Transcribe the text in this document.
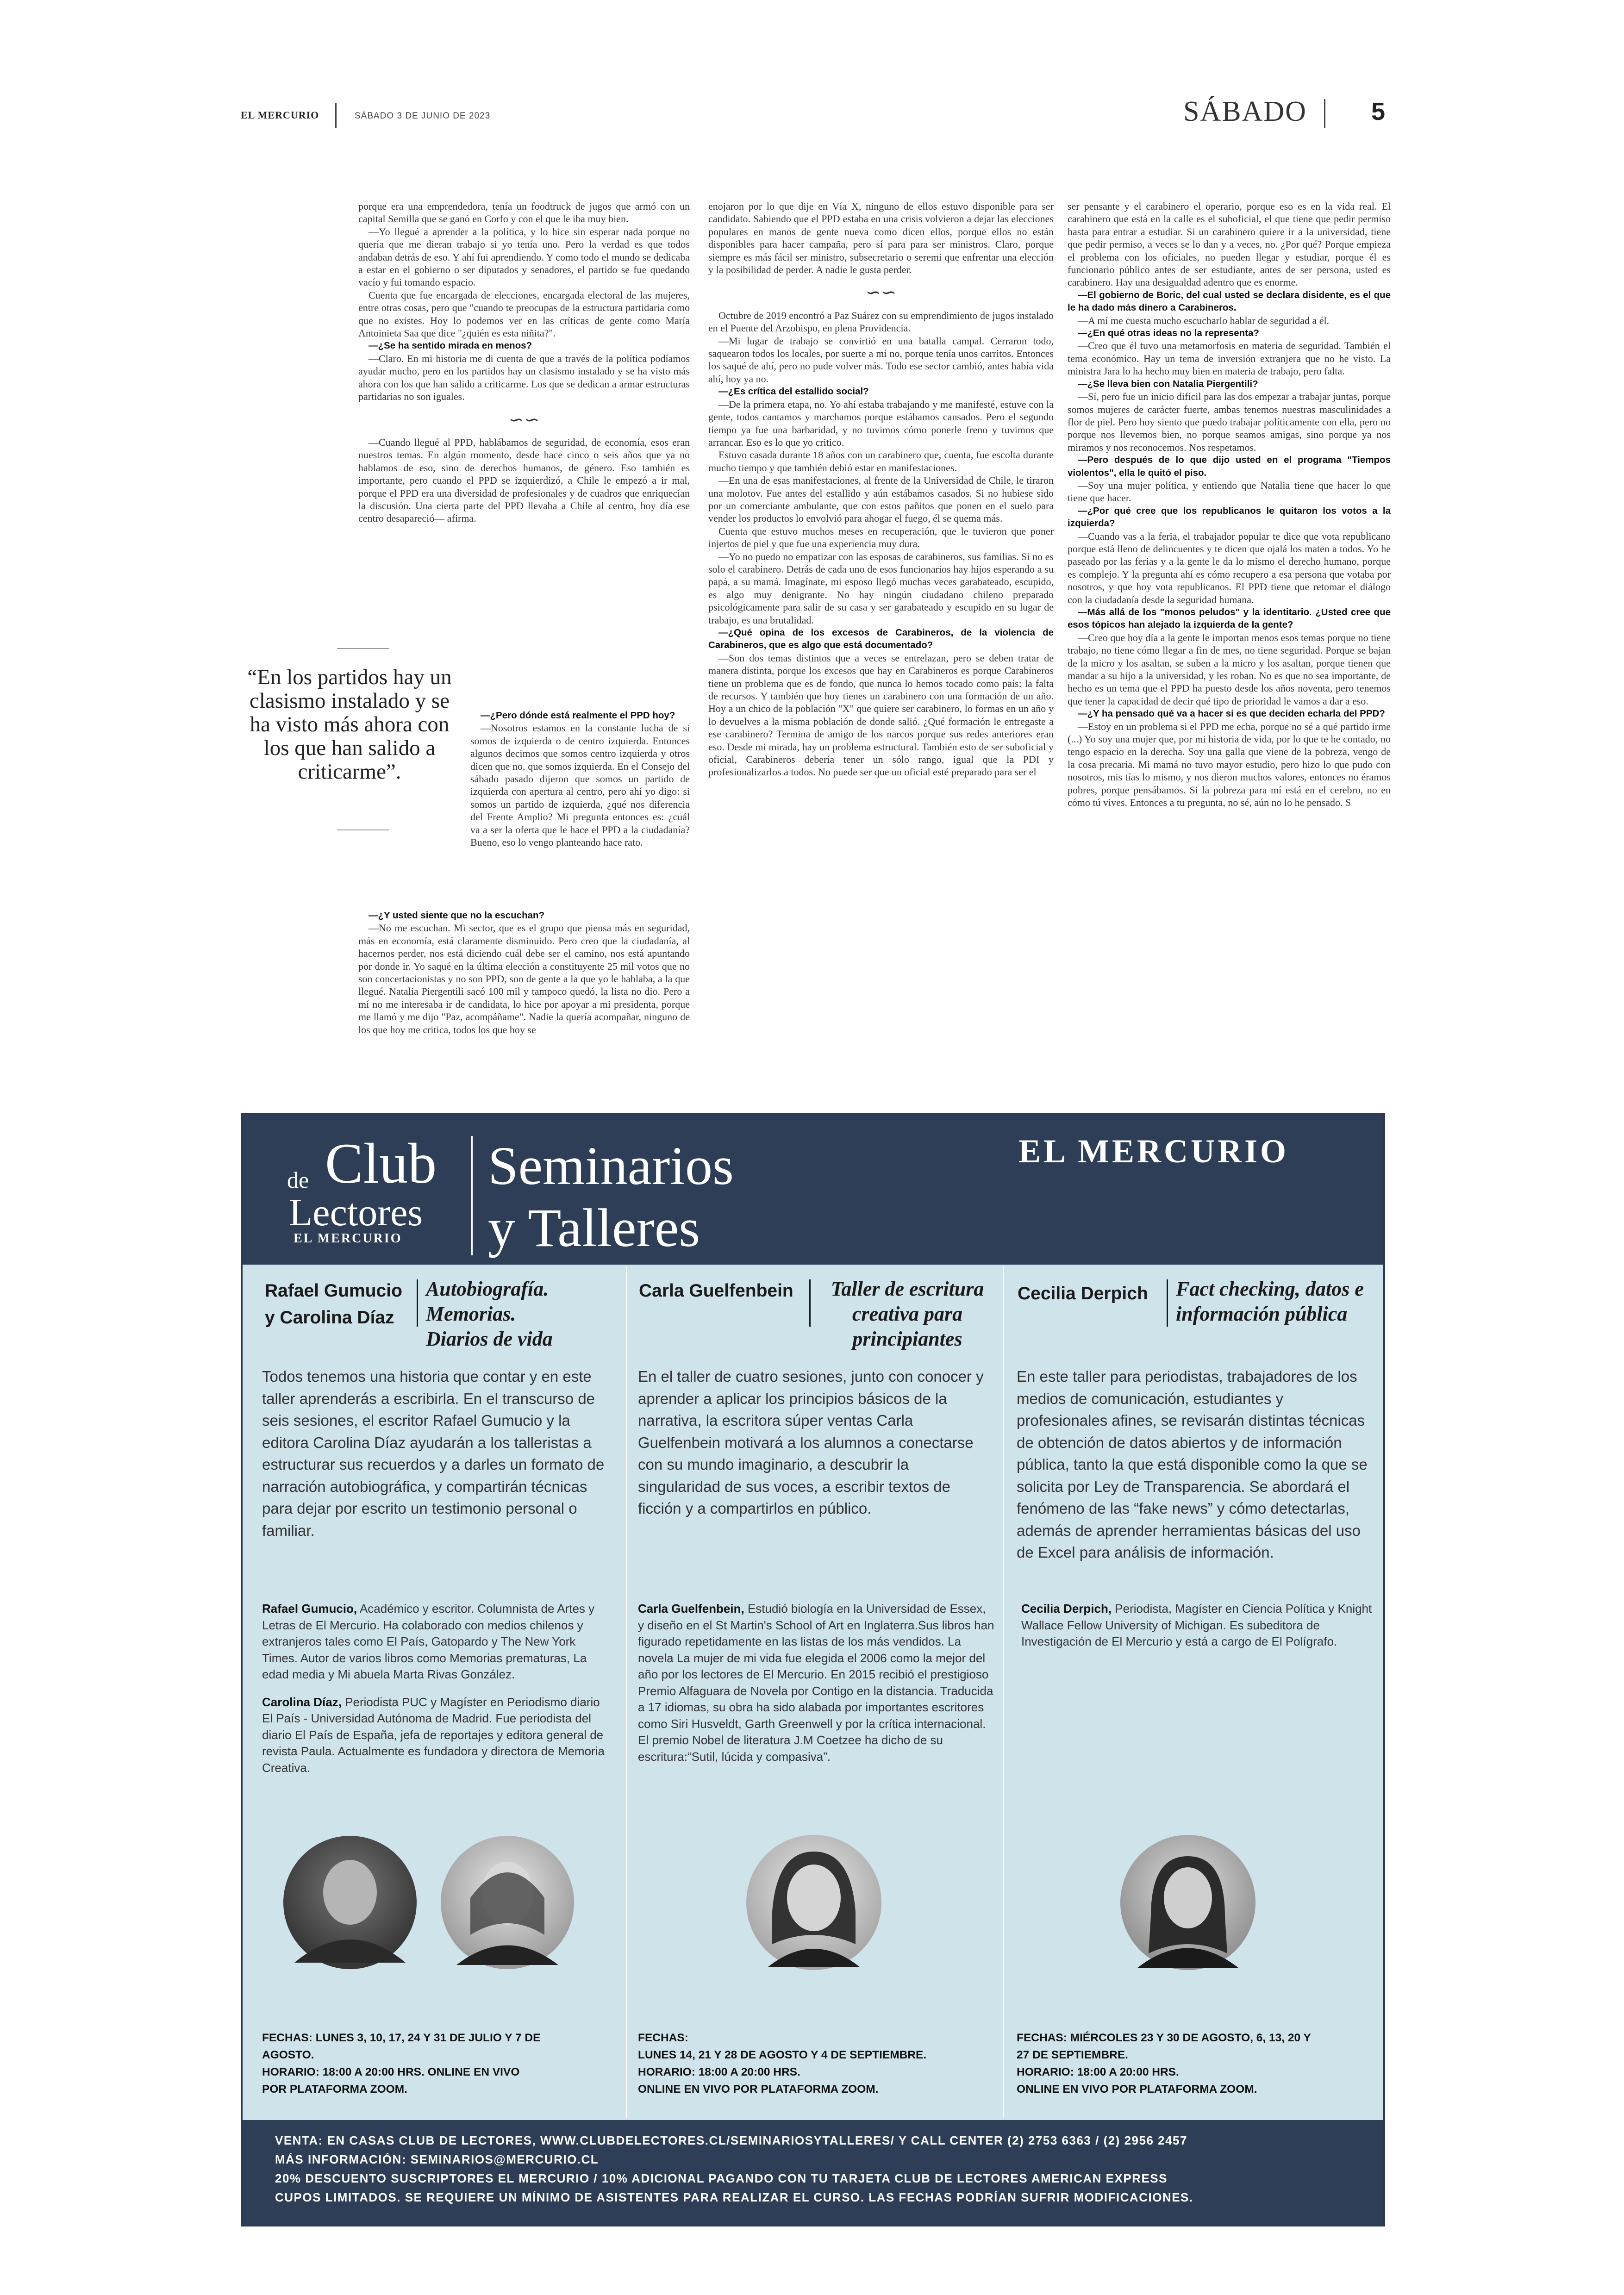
EL MERCURIO	SÁBADO 3 DE JUNIO DE 2023	SÁBADO	5

porque era una emprendedora, tenía un foodtruck de jugos que armó con un capital Semilla que se ganó en Corfo y con el que le iba muy bien.

—Yo llegué a aprender a la política, y lo hice sin esperar nada porque no quería que me dieran trabajo si yo tenía uno. Pero la verdad es que todos andaban detrás de eso. Y ahí fui aprendiendo. Y como todo el mundo se dedicaba a estar en el gobierno o ser diputados y senadores, el partido se fue quedando vacío y fui tomando espacio.

Cuenta que fue encargada de elecciones, encargada electoral de las mujeres, entre otras cosas, pero que "cuando te preocupas de la estructura partidaria como que no existes. Hoy lo podemos ver en las críticas de gente como María Antoinieta Saa que dice "¿quién es esta niñita?".

—¿Se ha sentido mirada en menos?

—Claro. En mi historia me di cuenta de que a través de la política podíamos ayudar mucho, pero en los partidos hay un clasismo instalado y se ha visto más ahora con los que han salido a criticarme. Los que se dedican a armar estructuras partidarias no son iguales.

∽∽

—Cuando llegué al PPD, hablábamos de seguridad, de economía, esos eran nuestros temas. En algún momento, desde hace cinco o seis años que ya no hablamos de eso, sino de derechos humanos, de género. Eso también es importante, pero cuando el PPD se izquierdizó, a Chile le empezó a ir mal, porque el PPD era una diversidad de profesionales y de cuadros que enriquecían la discusión. Una cierta parte del PPD llevaba a Chile al centro, hoy día ese centro desapareció— afirma.

—¿Pero dónde está realmente el PPD hoy?

—Nosotros estamos en la constante lucha de si somos de izquierda o de centro izquierda. Entonces algunos decimos que somos centro izquierda y otros dicen que no, que somos izquierda. En el Consejo del sábado pasado dijeron que somos un partido de izquierda con apertura al centro, pero ahí yo digo: si somos un partido de izquierda, ¿qué nos diferencia del Frente Amplio? Mi pregunta entonces es: ¿cuál va a ser la oferta que le hace el PPD a la ciudadanía? Bueno, eso lo vengo planteando hace rato.

—¿Y usted siente que no la escuchan?

—No me escuchan. Mi sector, que es el grupo que piensa más en seguridad, más en economía, está claramente disminuido. Pero creo que la ciudadanía, al hacernos perder, nos está diciendo cuál debe ser el camino, nos está apuntando por donde ir. Yo saqué en la última elección a constituyente 25 mil votos que no son concertacionistas y no son PPD, son de gente a la que yo le hablaba, a la que llegué. Natalia Piergentili sacó 100 mil y tampoco quedó, la lista no dio. Pero a mí no me interesaba ir de candidata, lo hice por apoyar a mi presidenta, porque me llamó y me dijo "Paz, acompáñame". Nadie la quería acompañar, ninguno de los que hoy me critica, todos los que hoy se

“En los partidos hay un clasismo instalado y se ha visto más ahora con los que han salido a criticarme”.

enojaron por lo que dije en Vía X, ninguno de ellos estuvo disponible para ser candidato. Sabiendo que el PPD estaba en una crisis volvieron a dejar las elecciones populares en manos de gente nueva como dicen ellos, porque ellos no están disponibles para hacer campaña, pero sí para para ser ministros. Claro, porque siempre es más fácil ser ministro, subsecretario o seremi que enfrentar una elección y la posibilidad de perder. A nadie le gusta perder.

∽∽

Octubre de 2019 encontró a Paz Suárez con su emprendimiento de jugos instalado en el Puente del Arzobispo, en plena Providencia.

—Mi lugar de trabajo se convirtió en una batalla campal. Cerraron todo, saquearon todos los locales, por suerte a mí no, porque tenía unos carritos. Entonces los saqué de ahí, pero no pude volver más. Todo ese sector cambió, antes había vida ahí, hoy ya no.

—¿Es crítica del estallido social?

—De la primera etapa, no. Yo ahí estaba trabajando y me manifesté, estuve con la gente, todos cantamos y marchamos porque estábamos cansados. Pero el segundo tiempo ya fue una barbaridad, y no tuvimos cómo ponerle freno y tuvimos que arrancar. Eso es lo que yo critico.

Estuvo casada durante 18 años con un carabinero que, cuenta, fue escolta durante mucho tiempo y que también debió estar en manifestaciones.

—En una de esas manifestaciones, al frente de la Universidad de Chile, le tiraron una molotov. Fue antes del estallido y aún estábamos casados. Si no hubiese sido por un comerciante ambulante, que con estos pañitos que ponen en el suelo para vender los productos lo envolvió para ahogar el fuego, él se quema más.

Cuenta que estuvo muchos meses en recuperación, que le tuvieron que poner injertos de piel y que fue una experiencia muy dura.

—Yo no puedo no empatizar con las esposas de carabineros, sus familias. Si no es solo el carabinero. Detrás de cada uno de esos funcionarios hay hijos esperando a su papá, a su mamá. Imagínate, mi esposo llegó muchas veces garabateado, escupido, es algo muy denigrante. No hay ningún ciudadano chileno preparado psicológicamente para salir de su casa y ser garabateado y escupido en su lugar de trabajo, es una brutalidad.

—¿Qué opina de los excesos de Carabineros, de la violencia de Carabineros, que es algo que está documentado?

—Son dos temas distintos que a veces se entrelazan, pero se deben tratar de manera distinta, porque los excesos que hay en Carabineros es porque Carabineros tiene un problema que es de fondo, que nunca lo hemos tocado como país: la falta de recursos. Y también que hoy tienes un carabinero con una formación de un año. Hoy a un chico de la población "X" que quiere ser carabinero, lo formas en un año y lo devuelves a la misma población de donde salió. ¿Qué formación le entregaste a ese carabinero? Termina de amigo de los narcos porque sus redes anteriores eran eso. Desde mi mirada, hay un problema estructural. También esto de ser suboficial y oficial, Carabineros debería tener un sólo rango, igual que la PDI y profesionalizarlos a todos. No puede ser que un oficial esté preparado para ser el

ser pensante y el carabinero el operario, porque eso es en la vida real. El carabinero que está en la calle es el suboficial, el que tiene que pedir permiso hasta para entrar a estudiar. Si un carabinero quiere ir a la universidad, tiene que pedir permiso, a veces se lo dan y a veces, no. ¿Por qué? Porque empieza el problema con los oficiales, no pueden llegar y estudiar, porque él es funcionario público antes de ser estudiante, antes de ser persona, usted es carabinero. Hay una desigualdad adentro que es enorme.

—El gobierno de Boric, del cual usted se declara disidente, es el que le ha dado más dinero a Carabineros.

—A mí me cuesta mucho escucharlo hablar de seguridad a él.

—¿En qué otras ideas no la representa?

—Creo que él tuvo una metamorfosis en materia de seguridad. También el tema económico. Hay un tema de inversión extranjera que no he visto. La ministra Jara lo ha hecho muy bien en materia de trabajo, pero falta.

—¿Se lleva bien con Natalia Piergentili?

—Sí, pero fue un inicio difícil para las dos empezar a trabajar juntas, porque somos mujeres de carácter fuerte, ambas tenemos nuestras masculinidades a flor de piel. Pero hoy siento que puedo trabajar políticamente con ella, pero no porque nos llevemos bien, no porque seamos amigas, sino porque ya nos miramos y nos reconocemos. Nos respetamos.

—Pero después de lo que dijo usted en el programa "Tiempos violentos", ella le quitó el piso.

—Soy una mujer política, y entiendo que Natalia tiene que hacer lo que tiene que hacer.

—¿Por qué cree que los republicanos le quitaron los votos a la izquierda?

—Cuando vas a la feria, el trabajador popular te dice que vota republicano porque está lleno de delincuentes y te dicen que ojalá los maten a todos. Yo he paseado por las ferias y a la gente le da lo mismo el derecho humano, porque es complejo. Y la pregunta ahí es cómo recupero a esa persona que votaba por nosotros, y que hoy vota republicanos. El PPD tiene que retomar el diálogo con la ciudadanía desde la seguridad humana.

—Más allá de los "monos peludos" y la identitario. ¿Usted cree que esos tópicos han alejado la izquierda de la gente?

—Creo que hoy día a la gente le importan menos esos temas porque no tiene trabajo, no tiene cómo llegar a fin de mes, no tiene seguridad. Porque se bajan de la micro y los asaltan, se suben a la micro y los asaltan, porque tienen que mandar a su hijo a la universidad, y les roban. No es que no sea importante, de hecho es un tema que el PPD ha puesto desde los años noventa, pero tenemos que tener la capacidad de decir qué tipo de prioridad le vamos a dar a eso.

—¿Y ha pensado qué va a hacer si es que deciden echarla del PPD?

—Estoy en un problema si el PPD me echa, porque no sé a qué partido irme (...) Yo soy una mujer que, por mi historia de vida, por lo que te he contado, no tengo espacio en la derecha. Soy una galla que viene de la pobreza, vengo de la cosa precaria. Mi mamá no tuvo mayor estudio, pero hizo lo que pudo con nosotros, mis tías lo mismo, y nos dieron muchos valores, entonces no éramos pobres, porque pensábamos. Si la pobreza para mí está en el cerebro, no en cómo tú vives. Entonces a tu pregunta, no sé, aún no lo he pensado. S

Club
de
Lectores
EL MERCURIO
Seminarios
y Talleres
EL MERCURIO
Rafael Gumucio
y Carolina Díaz
Autobiografía.
Memorias.
Diarios de vida
Todos tenemos una historia que contar y en este taller aprenderás a escribirla. En el transcurso de seis sesiones, el escritor Rafael Gumucio y la editora Carolina Díaz ayudarán a los talleristas a estructurar sus recuerdos y a darles un formato de narración autobiográfica, y compartirán técnicas para dejar por escrito un testimonio personal o familiar.

Rafael Gumucio, Académico y escritor. Columnista de Artes y Letras de El Mercurio. Ha colaborado con medios chilenos y extranjeros tales como El País, Gatopardo y The New York Times. Autor de varios libros como Memorias prematuras, La edad media y Mi abuela Marta Rivas González.

Carolina Díaz, Periodista PUC y Magíster en Periodismo diario El País - Universidad Autónoma de Madrid. Fue periodista del diario El País de España, jefa de reportajes y editora general de revista Paula. Actualmente es fundadora y directora de Memoria Creativa.

FECHAS: LUNES 3, 10, 17, 24 Y 31 DE JULIO Y 7 DE
AGOSTO.
HORARIO: 18:00 A 20:00 HRS. ONLINE EN VIVO
POR PLATAFORMA ZOOM.
Carla Guelfenbein	Taller de escritura
creativa para
principiantes
En el taller de cuatro sesiones, junto con conocer y aprender a aplicar los principios básicos de la narrativa, la escritora súper ventas Carla Guelfenbein motivará a los alumnos a conectarse con su mundo imaginario, a descubrir la singularidad de sus voces, a escribir textos de ficción y a compartirlos en público.

Carla Guelfenbein, Estudió biología en la Universidad de Essex, y diseño en el St Martin's School of Art en Inglaterra.Sus libros han figurado repetidamente en las listas de los más vendidos. La novela La mujer de mi vida fue elegida el 2006 como la mejor del año por los lectores de El Mercurio. En 2015 recibió el prestigioso Premio Alfaguara de Novela por Contigo en la distancia. Traducida a 17 idiomas, su obra ha sido alabada por importantes escritores como Siri Husveldt, Garth Greenwell y por la crítica internacional. El premio Nobel de literatura J.M Coetzee ha dicho de su escritura:“Sutil, lúcida y compasiva”.

FECHAS:
LUNES 14, 21 Y 28 DE AGOSTO Y 4 DE SEPTIEMBRE.
HORARIO: 18:00 A 20:00 HRS.
ONLINE EN VIVO POR PLATAFORMA ZOOM.
Cecilia Derpich Fact checking, datos e
información pública
En este taller para periodistas, trabajadores de los medios de comunicación, estudiantes y profesionales afines, se revisarán distintas técnicas de obtención de datos abiertos y de información pública, tanto la que está disponible como la que se solicita por Ley de Transparencia. Se abordará el fenómeno de las “fake news” y cómo detectarlas, además de aprender herramientas básicas del uso de Excel para análisis de información.

Cecilia Derpich, Periodista, Magíster en Ciencia Política y Knight Wallace Fellow University of Michigan. Es subeditora de Investigación de El Mercurio y está a cargo de El Polígrafo.

FECHAS: MIÉRCOLES 23 Y 30 DE AGOSTO, 6, 13, 20 Y
27 DE SEPTIEMBRE.
HORARIO: 18:00 A 20:00 HRS.
ONLINE EN VIVO POR PLATAFORMA ZOOM.
VENTA: EN CASAS CLUB DE LECTORES, WWW.CLUBDELECTORES.CL/SEMINARIOSYTALLERES/ Y CALL CENTER (2) 2753 6363 / (2) 2956 2457
MÁS INFORMACIÓN: SEMINARIOS@MERCURIO.CL
20% DESCUENTO SUSCRIPTORES EL MERCURIO / 10% ADICIONAL PAGANDO CON TU TARJETA CLUB DE LECTORES AMERICAN EXPRESS
CUPOS LIMITADOS. SE REQUIERE UN MÍNIMO DE ASISTENTES PARA REALIZAR EL CURSO. LAS FECHAS PODRÍAN SUFRIR MODIFICACIONES.
